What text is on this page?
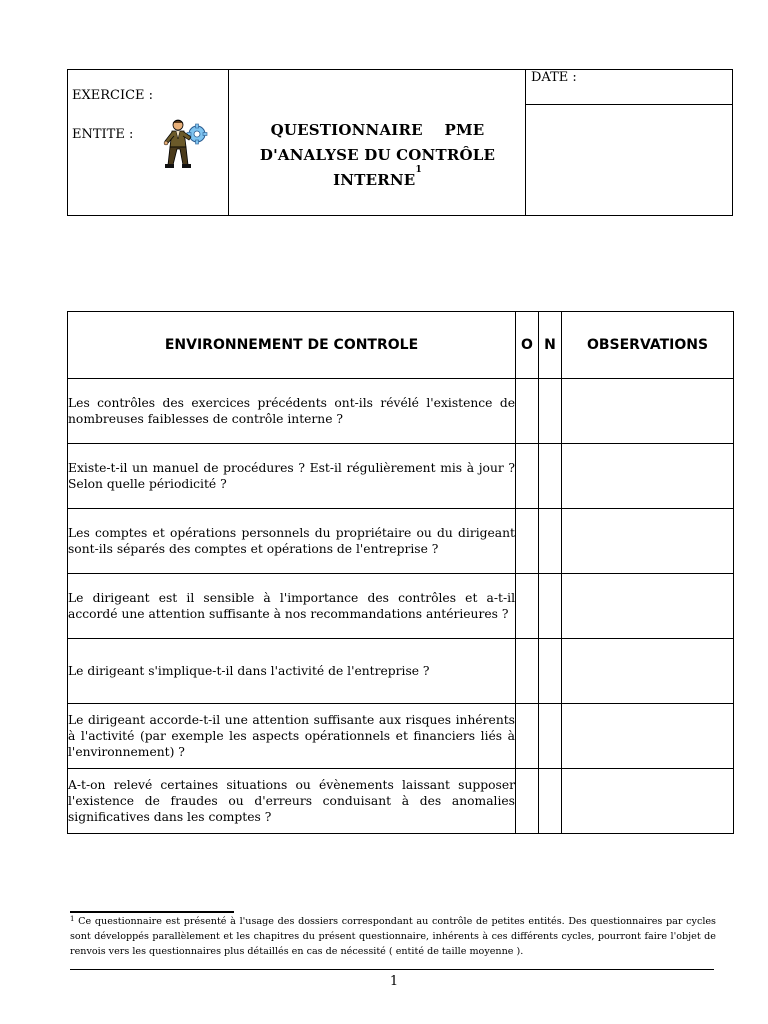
EXERCICE :
ENTITE :
DATE :
QUESTIONNAIRE    PME
D'ANALYSE DU CONTRÔLE
INTERNE$^1$
ENVIRONNEMENT DE CONTROLE	O	N	OBSERVATIONS
Les contrôles des exercices précédents ont-ils révélé l'existence de nombreuses faiblesses de contrôle interne ?			
Existe-t-il un manuel de procédures ? Est-il régulièrement mis à jour ? Selon quelle périodicité ?			
Les comptes et opérations personnels du propriétaire ou du dirigeant sont-ils séparés des comptes et opérations de l'entreprise ?			
Le dirigeant est il sensible à l'importance des contrôles et a-t-il accordé une attention suffisante à nos recommandations antérieures ?			
Le dirigeant s'implique-t-il dans l'activité de l'entreprise ?			
Le dirigeant accorde-t-il une attention suffisante aux risques inhérents à l'activité (par exemple les aspects opérationnels et financiers liés à l'environnement) ?			
A-t-on relevé certaines situations ou évènements laissant supposer l'existence de fraudes ou d'erreurs conduisant à des anomalies significatives dans les comptes ?			
$^1$ Ce questionnaire est présenté à l'usage des dossiers correspondant au contrôle de petites entités. Des questionnaires par cycles sont développés parallèlement et les chapitres du présent questionnaire, inhérents à ces différents cycles, pourront faire l'objet de renvois vers les questionnaires plus détaillés en cas de nécessité ( entité de taille moyenne ).
1
